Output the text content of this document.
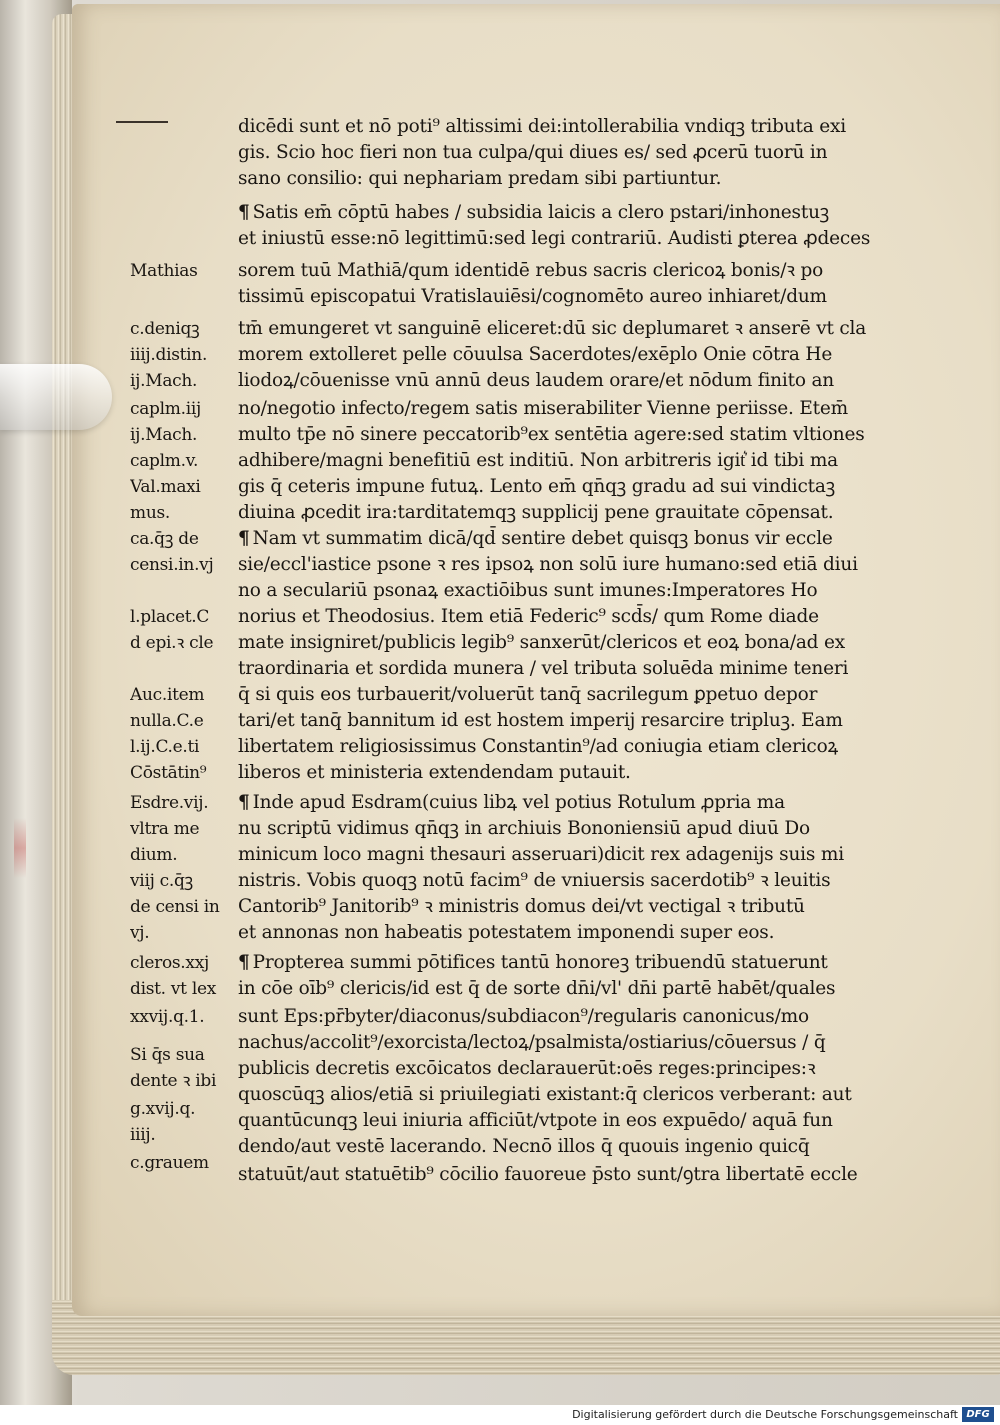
dicēdi sunt et nō poti⁹ altissimi dei:intollerabilia vndiqꝫ tributa exi
gis. Scio hoc fieri non tua culpa/qui diues es/ sed ꝓcerū tuorū in
sano consilio: qui nephariam predam sibi partiuntur.
¶ Satis em̄ cōptū habes / subsidia laicis a clero pstari/inhonestuꝫ
et iniustū esse:nō legittimū:sed legi contrariū. Audisti ꝑterea ꝓdeces
sorem tuū Mathiā/qum identidē rebus sacris clericoꝝ bonis/ꝛ po
tissimū episcopatui Vratislauiēsi/cognomēto aureo inhiaret/dum
tm̄ emungeret vt sanguinē eliceret:dū sic deplumaret ꝛ anserē vt cla
morem extolleret pelle cōuulsa Sacerdotes/exēplo Onie cōtra He
liodoꝝ/cōuenisse vnū annū deus laudem orare/et nōdum finito an
no/negotio infecto/regem satis miserabiliter Vienne periisse. Etem̄
multo tp̄e nō sinere peccatorib⁹ex sentētia agere:sed statim vltiones
adhibere/magni benefitiū est inditiū. Non arbitreris igit͛ id tibi ma
gis q̄ ceteris impune futuꝝ. Lento em̄ qn̄qꝫ gradu ad sui vindictaꝫ
diuina ꝓcedit ira:tarditatemqꝫ supplicij pene grauitate cōpensat.
¶ Nam vt summatim dicā/qd̄ sentire debet quisqꝫ bonus vir eccle
sie/eccl'iastice psone ꝛ res ipsoꝝ non solū iure humano:sed etiā diui
no a seculariū psonaꝝ exactiōibus sunt imunes:Imperatores Ho
norius et Theodosius. Item etiā Federic⁹ scd̄s/ qum Rome diade
mate insigniret/publicis legib⁹ sanxerūt/clericos et eoꝝ bona/ad ex
traordinaria et sordida munera / vel tributa soluēda minime teneri
q̄ si quis eos turbauerit/voluerūt tanq̄ sacrilegum ꝑpetuo depor
tari/et tanq̄ bannitum id est hostem imperij resarcire tripluꝫ. Eam
libertatem religiosissimus Constantin⁹/ad coniugia etiam clericoꝝ
liberos et ministeria extendendam putauit.
¶ Inde apud Esdram(cuius libꝝ vel potius Rotulum ꝓpria ma
nu scriptū vidimus qn̄qꝫ in archiuis Bononiensiū apud diuū Do
minicum loco magni thesauri asseruari)dicit rex adagenijs suis mi
nistris. Vobis quoqꝫ notū facim⁹ de vniuersis sacerdotib⁹ ꝛ leuitis
Cantorib⁹ Janitorib⁹ ꝛ ministris domus dei/vt vectigal ꝛ tributū
et annonas non habeatis potestatem imponendi super eos.
¶ Propterea summi pōtifices tantū honoreꝫ tribuendū statuerunt
in cōe oīb⁹ clericis/id est q̄ de sorte dn̄i/vl' dn̄i partē habēt/quales
sunt Eps:pr̄byter/diaconus/subdiacon⁹/regularis canonicus/mo
nachus/accolit⁹/exorcista/lectoꝝ/psalmista/ostiarius/cōuersus / q̄
publicis decretis excōicatos declarauerūt:oēs reges:principes:ꝛ
quoscūqꝫ alios/etiā si priuilegiati existant:q̄ clericos verberant: aut
quantūcunqꝫ leui iniuria afficiūt/vtpote in eos expuēdo/ aquā fun
dendo/aut vestē lacerando. Necnō illos q̄ quouis ingenio quicq̄
statuūt/aut statuētib⁹ cōcilio fauoreue p̄sto sunt/ꝯtra libertatē eccle
Mathias
c.deniqꝫ
iiij.distin.
ij.Mach.
caplm.iij
ij.Mach.
caplm.v.
Val.maxi
mus.
ca.q̄ꝫ de
censi.in.vj
l.placet.C
d epi.ꝛ cle
Auc.item
nulla.C.e
l.ij.C.e.ti
Cōstātin⁹
Esdre.vij.
vltra me
dium.
viij c.q̄ꝫ
de censi in
vj.
cleros.xxj
dist. vt lex
xxvij.q.1.
Si q̄s sua
dente ꝛ ibi
g.xvij.q.
iiij.
c.grauem
Digitalisierung gefördert durch die Deutsche Forschungsgemeinschaft DFG
